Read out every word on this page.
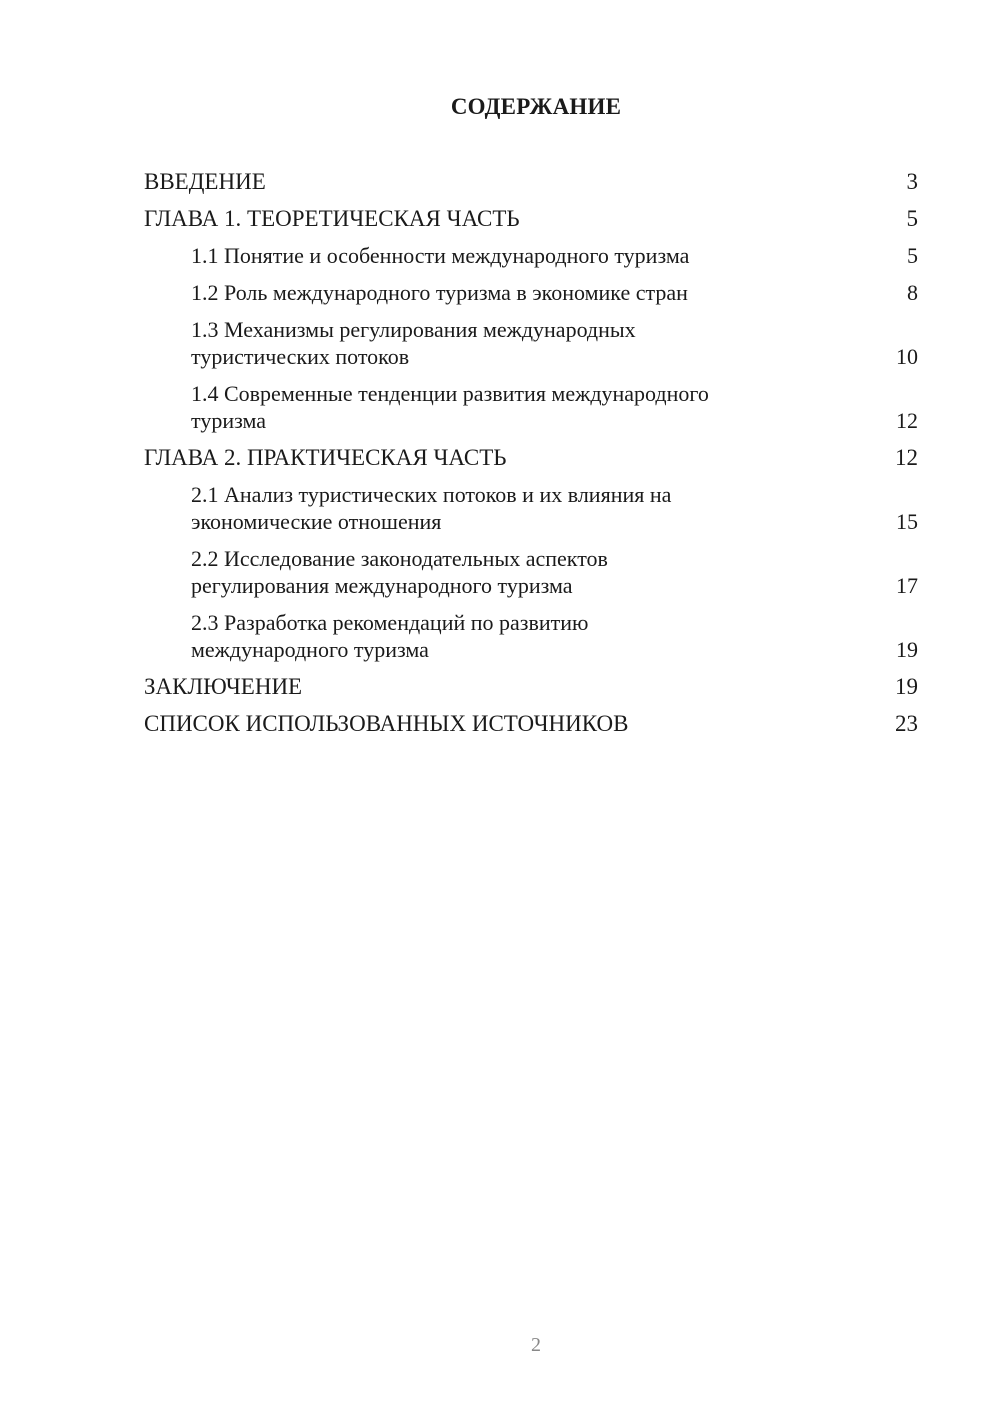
СОДЕРЖАНИЕ
ВВЕДЕНИЕ	3
ГЛАВА 1. ТЕОРЕТИЧЕСКАЯ ЧАСТЬ	5
1.1 Понятие и особенности международного туризма	5
1.2 Роль международного туризма в экономике стран	8
1.3 Механизмы регулирования международных
туристических потоков	10
1.4 Современные тенденции развития международного
туризма	12
ГЛАВА 2. ПРАКТИЧЕСКАЯ ЧАСТЬ	12
2.1 Анализ туристических потоков и их влияния на
экономические отношения	15
2.2 Исследование законодательных аспектов
регулирования международного туризма	17
2.3 Разработка рекомендаций по развитию
международного туризма	19
ЗАКЛЮЧЕНИЕ	19
СПИСОК ИСПОЛЬЗОВАННЫХ ИСТОЧНИКОВ	23
2
